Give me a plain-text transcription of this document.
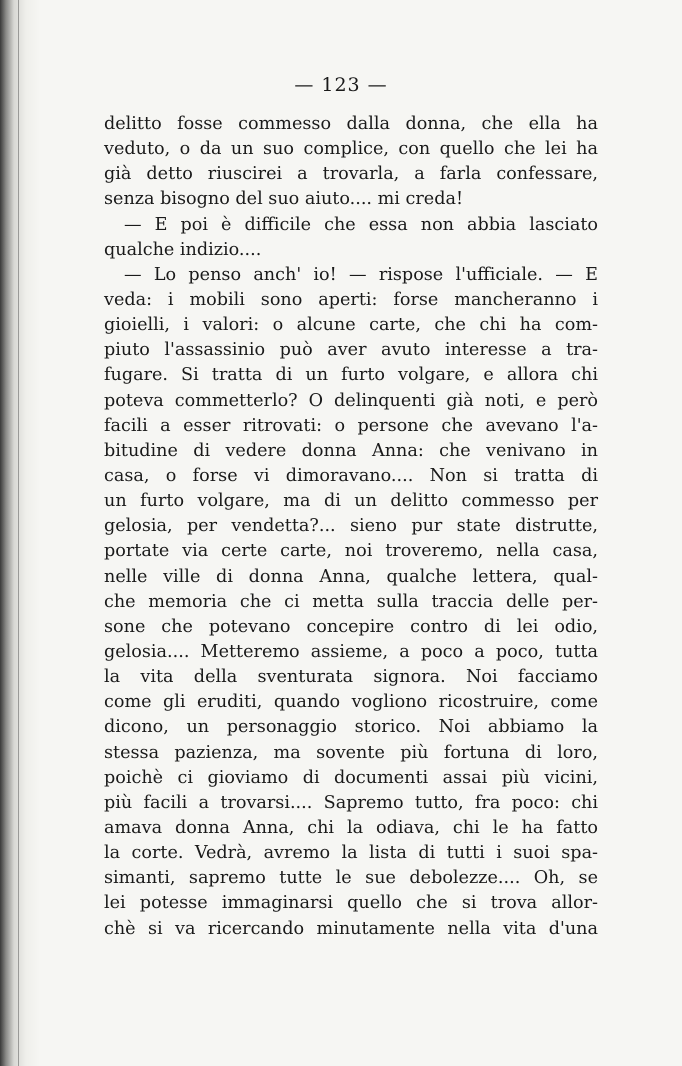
— 123 —
delitto fosse commesso dalla donna, che ella ha
veduto, o da un suo complice, con quello che lei ha
già detto riuscirei a trovarla, a farla confessare,
senza bisogno del suo aiuto.... mi creda!
— E poi è difficile che essa non abbia lasciato
qualche indizio....
— Lo penso anch' io! — rispose l'ufficiale. — E
veda: i mobili sono aperti: forse mancheranno i
gioielli, i valori: o alcune carte, che chi ha com-
piuto l'assassinio può aver avuto interesse a tra-
fugare. Si tratta di un furto volgare, e allora chi
poteva commetterlo? O delinquenti già noti, e però
facili a esser ritrovati: o persone che avevano l'a-
bitudine di vedere donna Anna: che venivano in
casa, o forse vi dimoravano.... Non si tratta di
un furto volgare, ma di un delitto commesso per
gelosia, per vendetta?... sieno pur state distrutte,
portate via certe carte, noi troveremo, nella casa,
nelle ville di donna Anna, qualche lettera, qual-
che memoria che ci metta sulla traccia delle per-
sone che potevano concepire contro di lei odio,
gelosia.... Metteremo assieme, a poco a poco, tutta
la vita della sventurata signora. Noi facciamo
come gli eruditi, quando vogliono ricostruire, come
dicono, un personaggio storico. Noi abbiamo la
stessa pazienza, ma sovente più fortuna di loro,
poichè ci gioviamo di documenti assai più vicini,
più facili a trovarsi.... Sapremo tutto, fra poco: chi
amava donna Anna, chi la odiava, chi le ha fatto
la corte. Vedrà, avremo la lista di tutti i suoi spa-
simanti, sapremo tutte le sue debolezze.... Oh, se
lei potesse immaginarsi quello che si trova allor-
chè si va ricercando minutamente nella vita d'una
